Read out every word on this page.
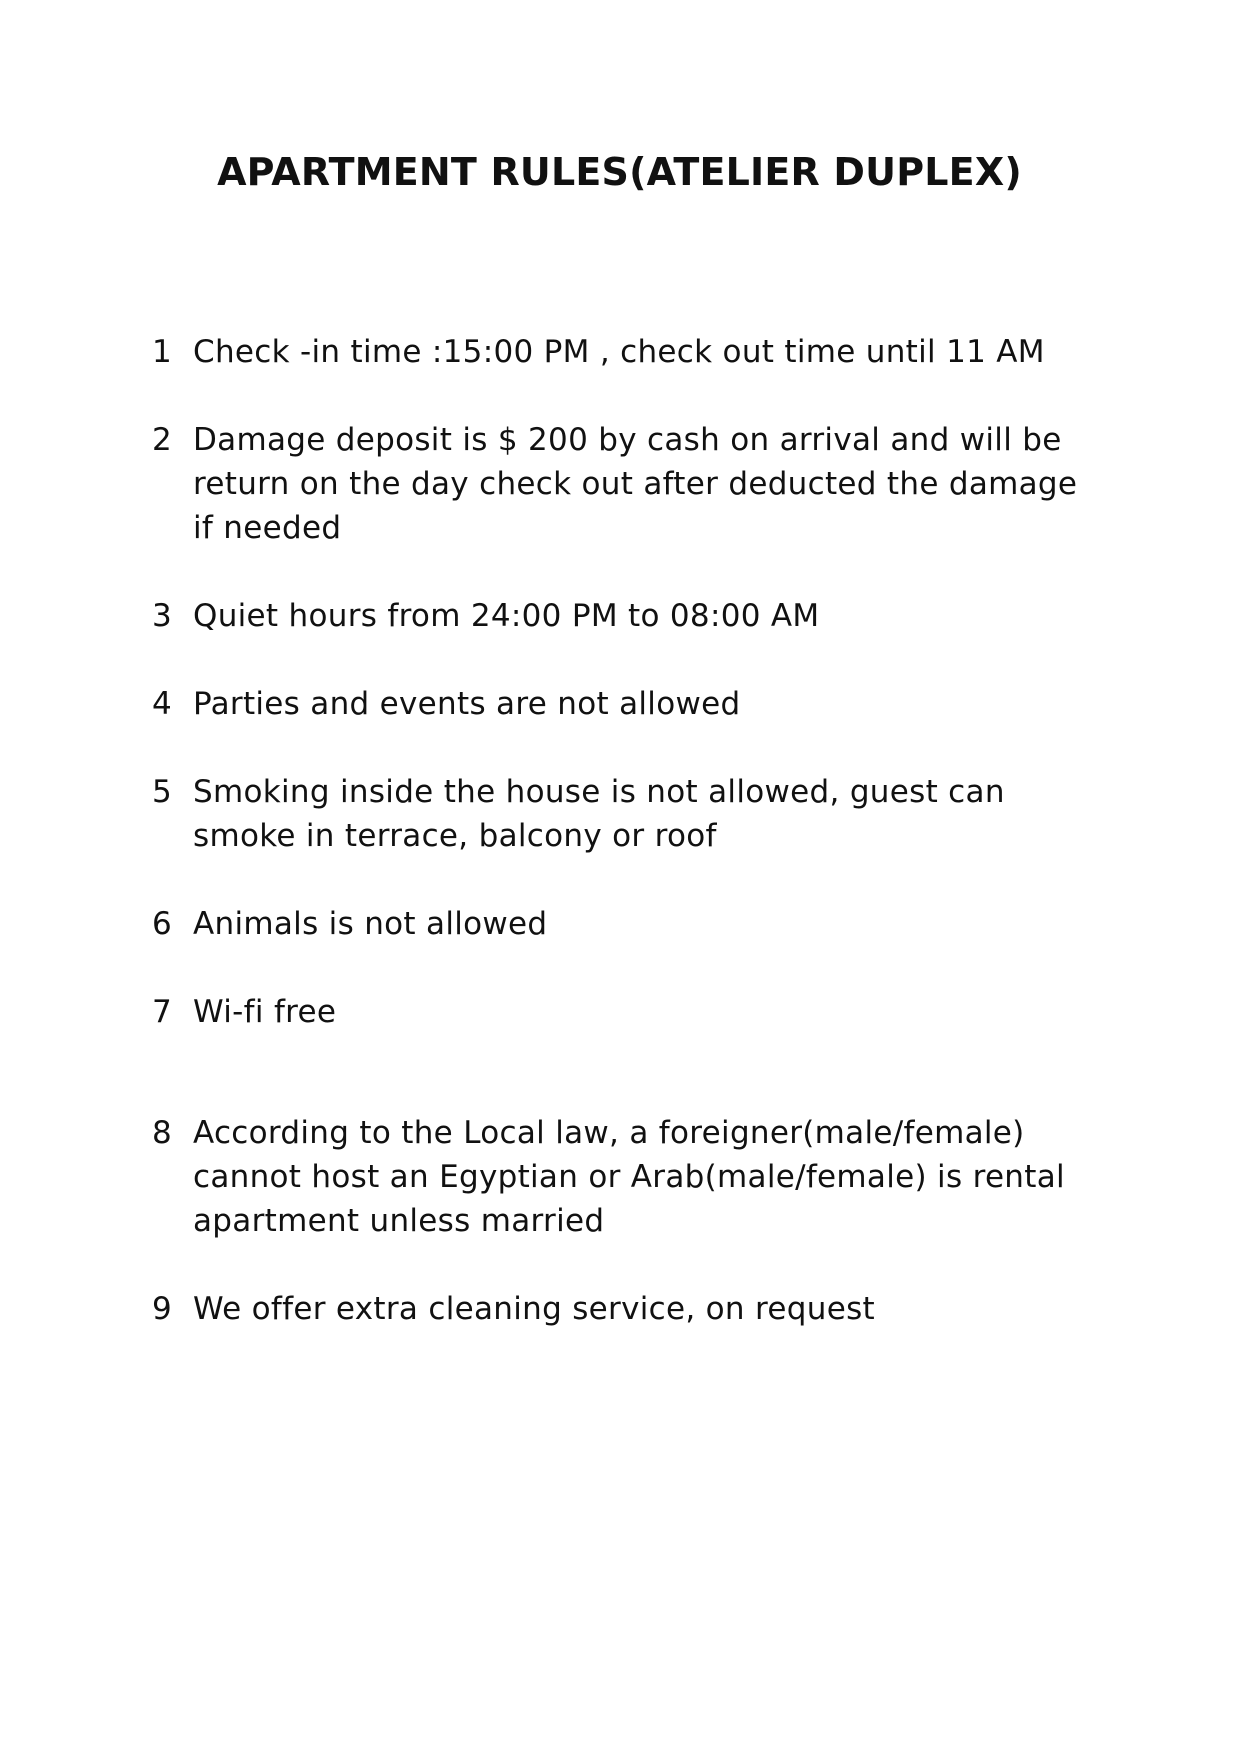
APARTMENT RULES(ATELIER DUPLEX)
1 Check -in time :15:00 PM , check out time until 11 AM
2 Damage deposit is $ 200 by cash on arrival and will be return on the day check out after deducted the damage if needed
3 Quiet hours from 24:00 PM to 08:00 AM
4 Parties and events are not allowed
5 Smoking inside the house is not allowed, guest can smoke in terrace, balcony or roof
6 Animals is not allowed
7 Wi-fi free
8 According to the Local law, a foreigner(male/female) cannot host an Egyptian or Arab(male/female) is rental apartment unless married
9 We offer extra cleaning service, on request
